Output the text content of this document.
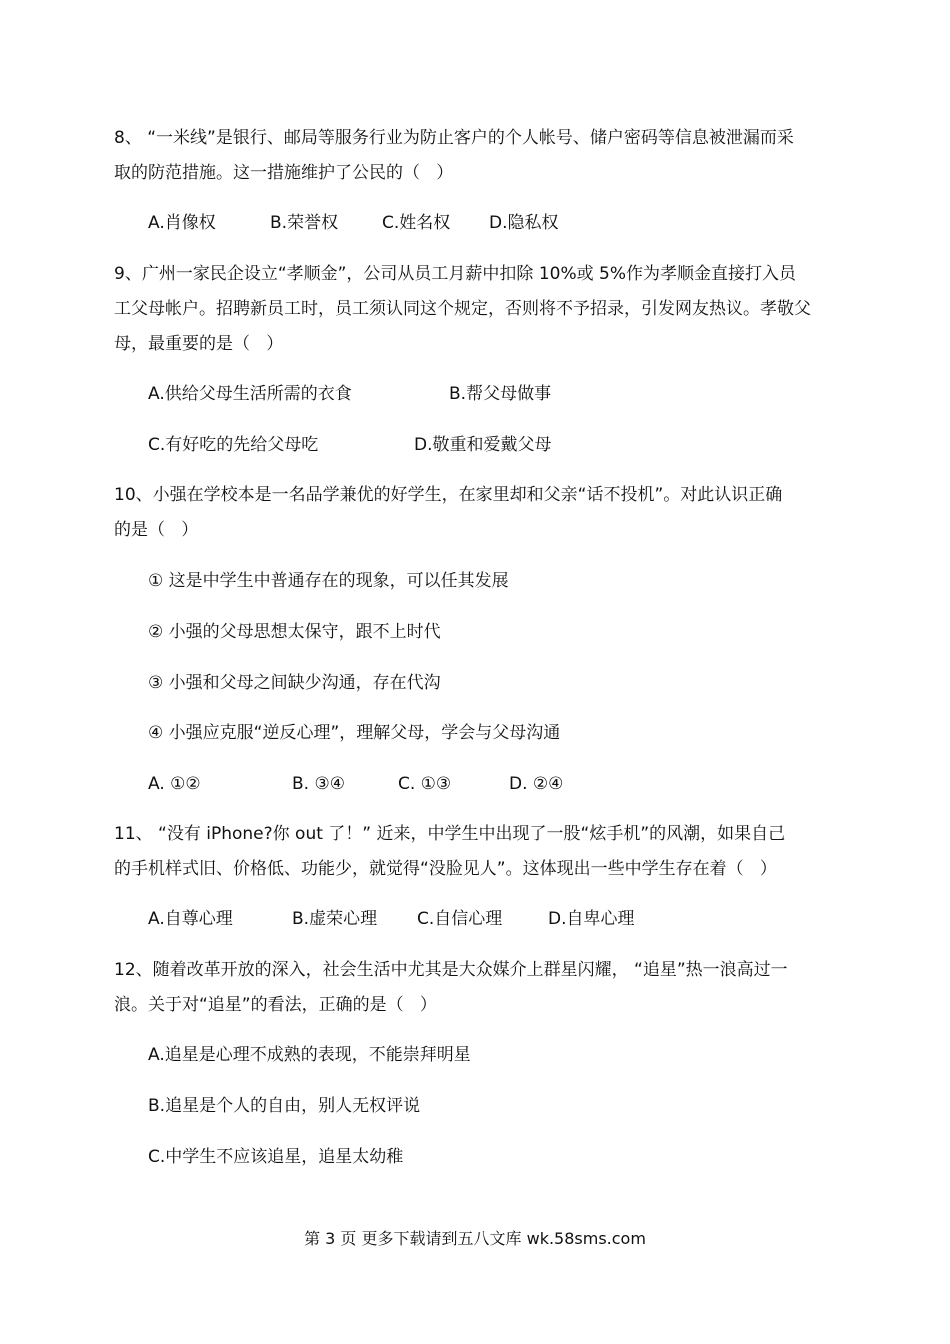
8、 “一米线”是银行、邮局等服务行业为防止客户的个人帐号、储户密码等信息被泄漏而采
取的防范措施。这一措施维护了公民的（   ）
A.肖像权	B.荣誉权	C.姓名权 D.隐私权
9、广州一家民企设立“孝顺金”，公司从员工月薪中扣除 10%或 5%作为孝顺金直接打入员
工父母帐户。招聘新员工时，员工须认同这个规定，否则将不予招录，引发网友热议。孝敬父
母，最重要的是（   ）
A.供给父母生活所需的衣食	B.帮父母做事
C.有好吃的先给父母吃	D.敬重和爱戴父母
10、小强在学校本是一名品学兼优的好学生，在家里却和父亲“话不投机”。对此认识正确
的是（   ）
① 这是中学生中普通存在的现象，可以任其发展
② 小强的父母思想太保守，跟不上时代
③ 小强和父母之间缺少沟通，存在代沟
④ 小强应克服“逆反心理”，理解父母，学会与父母沟通
A. ①②	B. ③④	C. ①③	D. ②④
11、 “没有 iPhone?你 out 了！” 近来，中学生中出现了一股“炫手机”的风潮，如果自己
的手机样式旧、价格低、功能少，就觉得“没脸见人”。这体现出一些中学生存在着（   ）
A.自尊心理	B.虚荣心理 C.自信心理	D.自卑心理
12、随着改革开放的深入，社会生活中尤其是大众媒介上群星闪耀， “追星”热一浪高过一
浪。关于对“追星”的看法，正确的是（   ）
A.追星是心理不成熟的表现，不能崇拜明星
B.追星是个人的自由，别人无权评说
C.中学生不应该追星，追星太幼稚
第 3 页 更多下载请到五八文库 wk.58sms.com
